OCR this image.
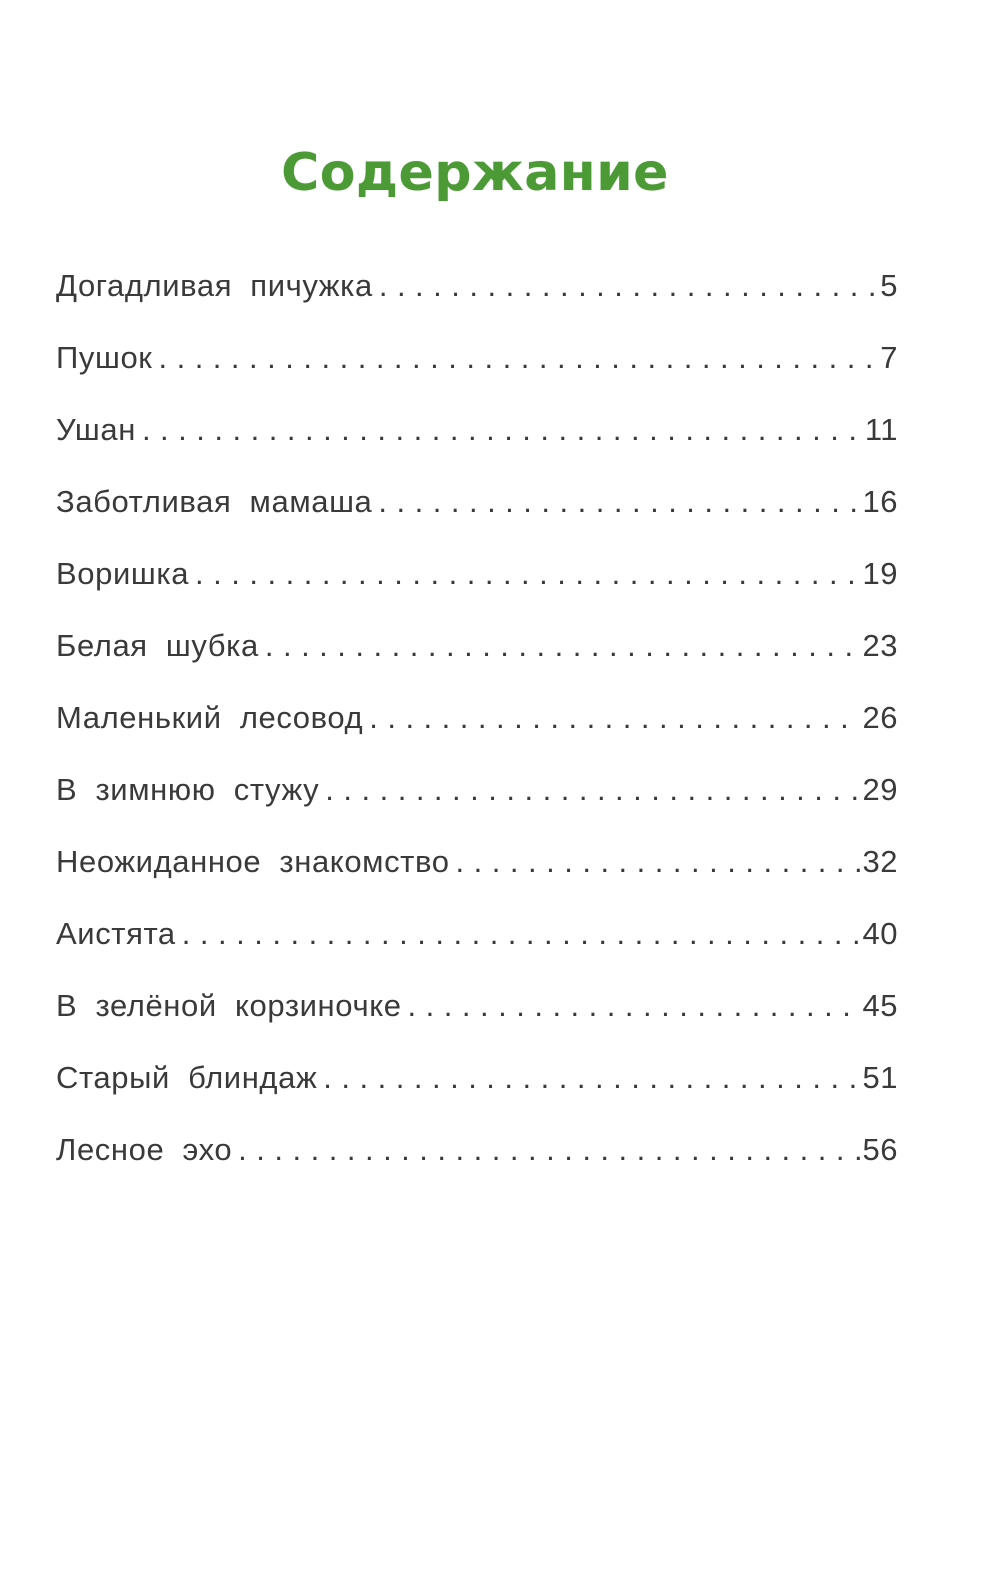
Содержание
Догадливая пичужка .....	5
Пушок .....	7
Ушан .....	11
Заботливая мамаша .....	16
Воришка .....	19
Белая шубка .....	23
Маленький лесовод .....	26
В зимнюю стужу .....	29
Неожиданное знакомство .....	32
Аистята .....	40
В зелёной корзиночке .....	45
Старый блиндаж .....	51
Лесное эхо .....	56
